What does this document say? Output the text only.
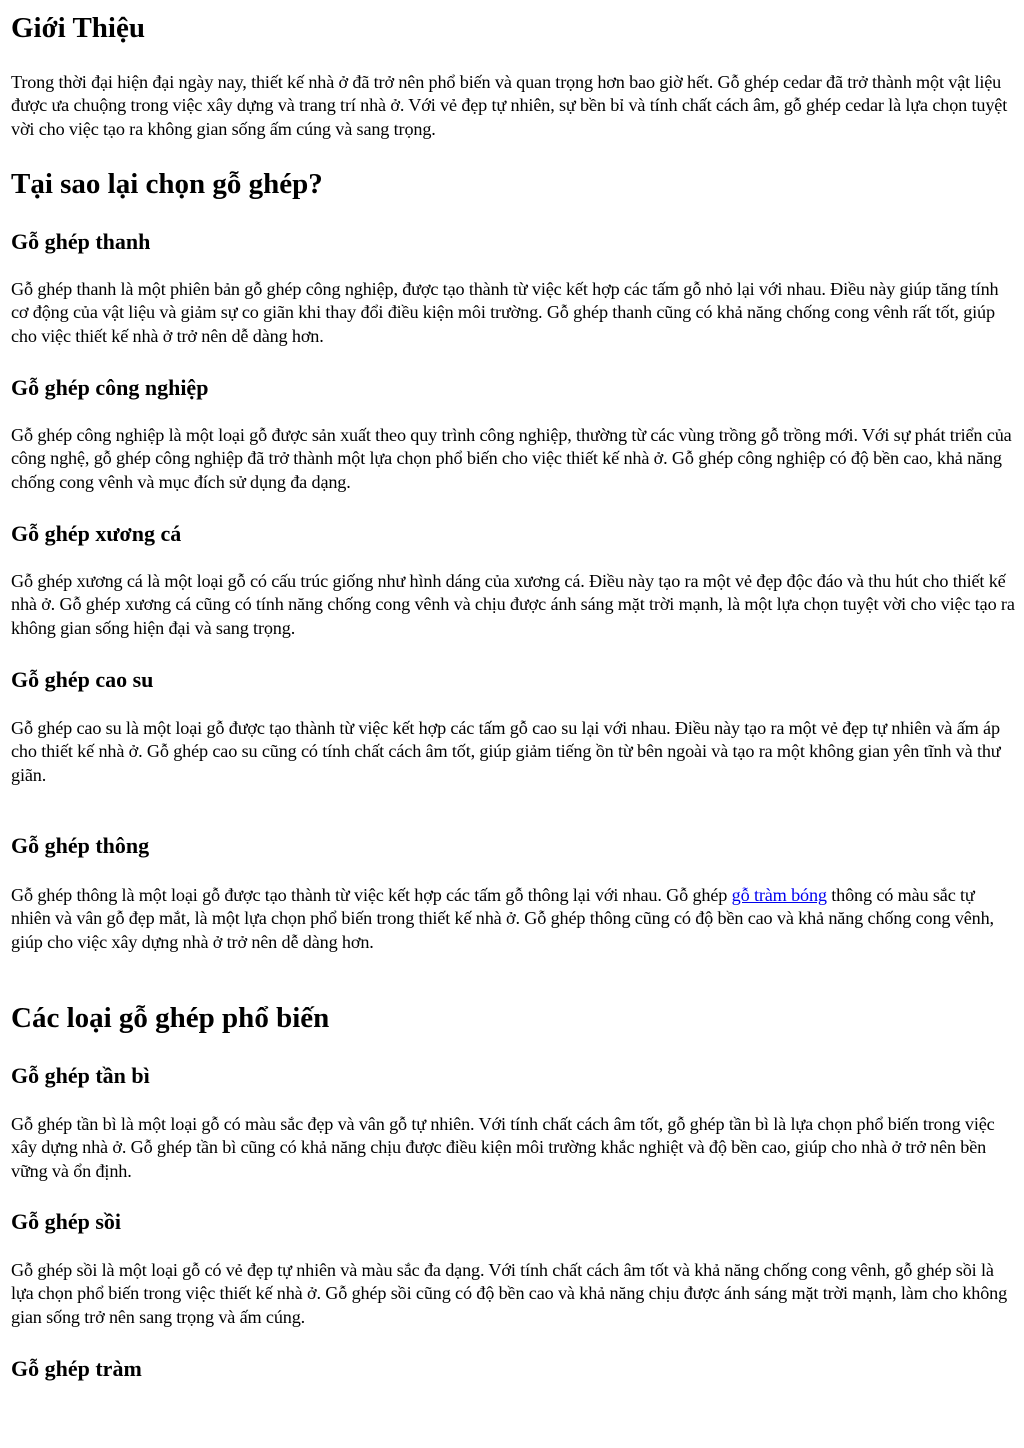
Giới Thiệu

Trong thời đại hiện đại ngày nay, thiết kế nhà ở đã trở nên phổ biến và quan trọng hơn bao giờ hết. Gỗ ghép cedar đã trở thành một vật liệu được ưa chuộng trong việc xây dựng và trang trí nhà ở. Với vẻ đẹp tự nhiên, sự bền bỉ và tính chất cách âm, gỗ ghép cedar là lựa chọn tuyệt vời cho việc tạo ra không gian sống ấm cúng và sang trọng.

Tại sao lại chọn gỗ ghép?
Gỗ ghép thanh

Gỗ ghép thanh là một phiên bản gỗ ghép công nghiệp, được tạo thành từ việc kết hợp các tấm gỗ nhỏ lại với nhau. Điều này giúp tăng tính cơ động của vật liệu và giảm sự co giãn khi thay đổi điều kiện môi trường. Gỗ ghép thanh cũng có khả năng chống cong vênh rất tốt, giúp cho việc thiết kế nhà ở trở nên dễ dàng hơn.

Gỗ ghép công nghiệp

Gỗ ghép công nghiệp là một loại gỗ được sản xuất theo quy trình công nghiệp, thường từ các vùng trồng gỗ trồng mới. Với sự phát triển của công nghệ, gỗ ghép công nghiệp đã trở thành một lựa chọn phổ biến cho việc thiết kế nhà ở. Gỗ ghép công nghiệp có độ bền cao, khả năng chống cong vênh và mục đích sử dụng đa dạng.

Gỗ ghép xương cá

Gỗ ghép xương cá là một loại gỗ có cấu trúc giống như hình dáng của xương cá. Điều này tạo ra một vẻ đẹp độc đáo và thu hút cho thiết kế nhà ở. Gỗ ghép xương cá cũng có tính năng chống cong vênh và chịu được ánh sáng mặt trời mạnh, là một lựa chọn tuyệt vời cho việc tạo ra không gian sống hiện đại và sang trọng.

Gỗ ghép cao su

Gỗ ghép cao su là một loại gỗ được tạo thành từ việc kết hợp các tấm gỗ cao su lại với nhau. Điều này tạo ra một vẻ đẹp tự nhiên và ấm áp cho thiết kế nhà ở. Gỗ ghép cao su cũng có tính chất cách âm tốt, giúp giảm tiếng ồn từ bên ngoài và tạo ra một không gian yên tĩnh và thư giãn.

Gỗ ghép thông

Gỗ ghép thông là một loại gỗ được tạo thành từ việc kết hợp các tấm gỗ thông lại với nhau. Gỗ ghép gỗ tràm bóng thông có màu sắc tự nhiên và vân gỗ đẹp mắt, là một lựa chọn phổ biến trong thiết kế nhà ở. Gỗ ghép thông cũng có độ bền cao và khả năng chống cong vênh, giúp cho việc xây dựng nhà ở trở nên dễ dàng hơn.

Các loại gỗ ghép phổ biến
Gỗ ghép tần bì

Gỗ ghép tần bì là một loại gỗ có màu sắc đẹp và vân gỗ tự nhiên. Với tính chất cách âm tốt, gỗ ghép tần bì là lựa chọn phổ biến trong việc xây dựng nhà ở. Gỗ ghép tần bì cũng có khả năng chịu được điều kiện môi trường khắc nghiệt và độ bền cao, giúp cho nhà ở trở nên bền vững và ổn định.

Gỗ ghép sồi

Gỗ ghép sồi là một loại gỗ có vẻ đẹp tự nhiên và màu sắc đa dạng. Với tính chất cách âm tốt và khả năng chống cong vênh, gỗ ghép sồi là lựa chọn phổ biến trong việc thiết kế nhà ở. Gỗ ghép sồi cũng có độ bền cao và khả năng chịu được ánh sáng mặt trời mạnh, làm cho không gian sống trở nên sang trọng và ấm cúng.

Gỗ ghép tràm
